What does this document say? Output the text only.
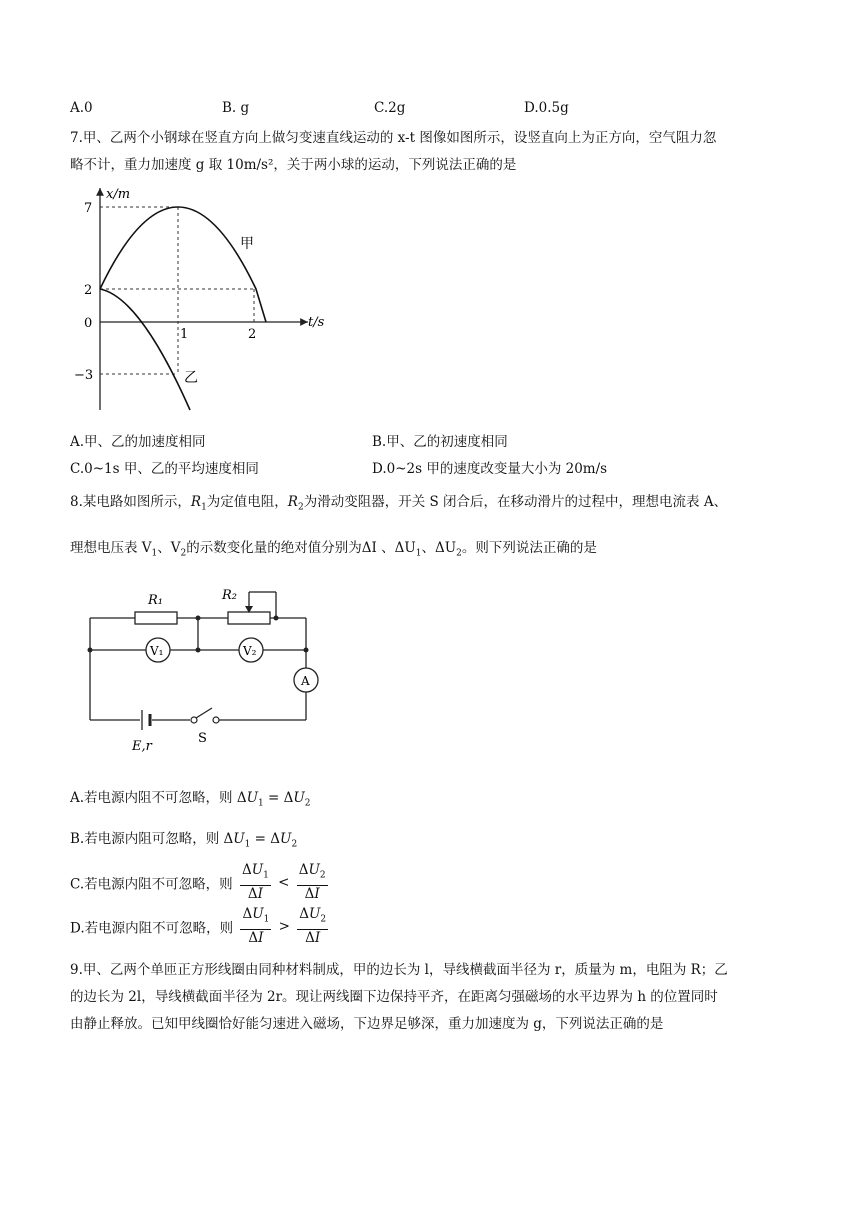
A.0	B. g	C.2g	D.0.5g
7.甲、乙两个小钢球在竖直方向上做匀变速直线运动的 x-t 图像如图所示，设竖直向上为正方向，空气阻力忽
略不计，重力加速度 g 取 10m/s²，关于两小球的运动，下列说法正确的是
x/m
t/s
7
2
0
−3
1	2
甲
乙
A.甲、乙的加速度相同	B.甲、乙的初速度相同
C.0~1s 甲、乙的平均速度相同	D.0~2s 甲的速度改变量大小为 20m/s
8.某电路如图所示，$R_1$为定值电阻，$R_2$为滑动变阻器，开关 S 闭合后，在移动滑片的过程中，理想电流表 A、
理想电压表 $V_1$、$V_2$的示数变化量的绝对值分别为ΔI 、$\Delta U_1$、$\Delta U_2$。则下列说法正确的是
R₁	R₂
V₁	V₂
A
E,r
S
A.若电源内阻不可忽略，则 $\Delta U_1 = \Delta U_2$
B.若电源内阻可忽略，则 $\Delta U_1 = \Delta U_2$
C.若电源内阻不可忽略，则 $\frac{\Delta U_1}{\Delta I} < \frac{\Delta U_2}{\Delta I}$
D.若电源内阻不可忽略，则 $\frac{\Delta U_1}{\Delta I} > \frac{\Delta U_2}{\Delta I}$
9.甲、乙两个单匝正方形线圈由同种材料制成，甲的边长为 l，导线横截面半径为 r，质量为 m，电阻为 R；乙
的边长为 2l，导线横截面半径为 2r。现让两线圈下边保持平齐，在距离匀强磁场的水平边界为 h 的位置同时
由静止释放。已知甲线圈恰好能匀速进入磁场，下边界足够深，重力加速度为 g，下列说法正确的是
